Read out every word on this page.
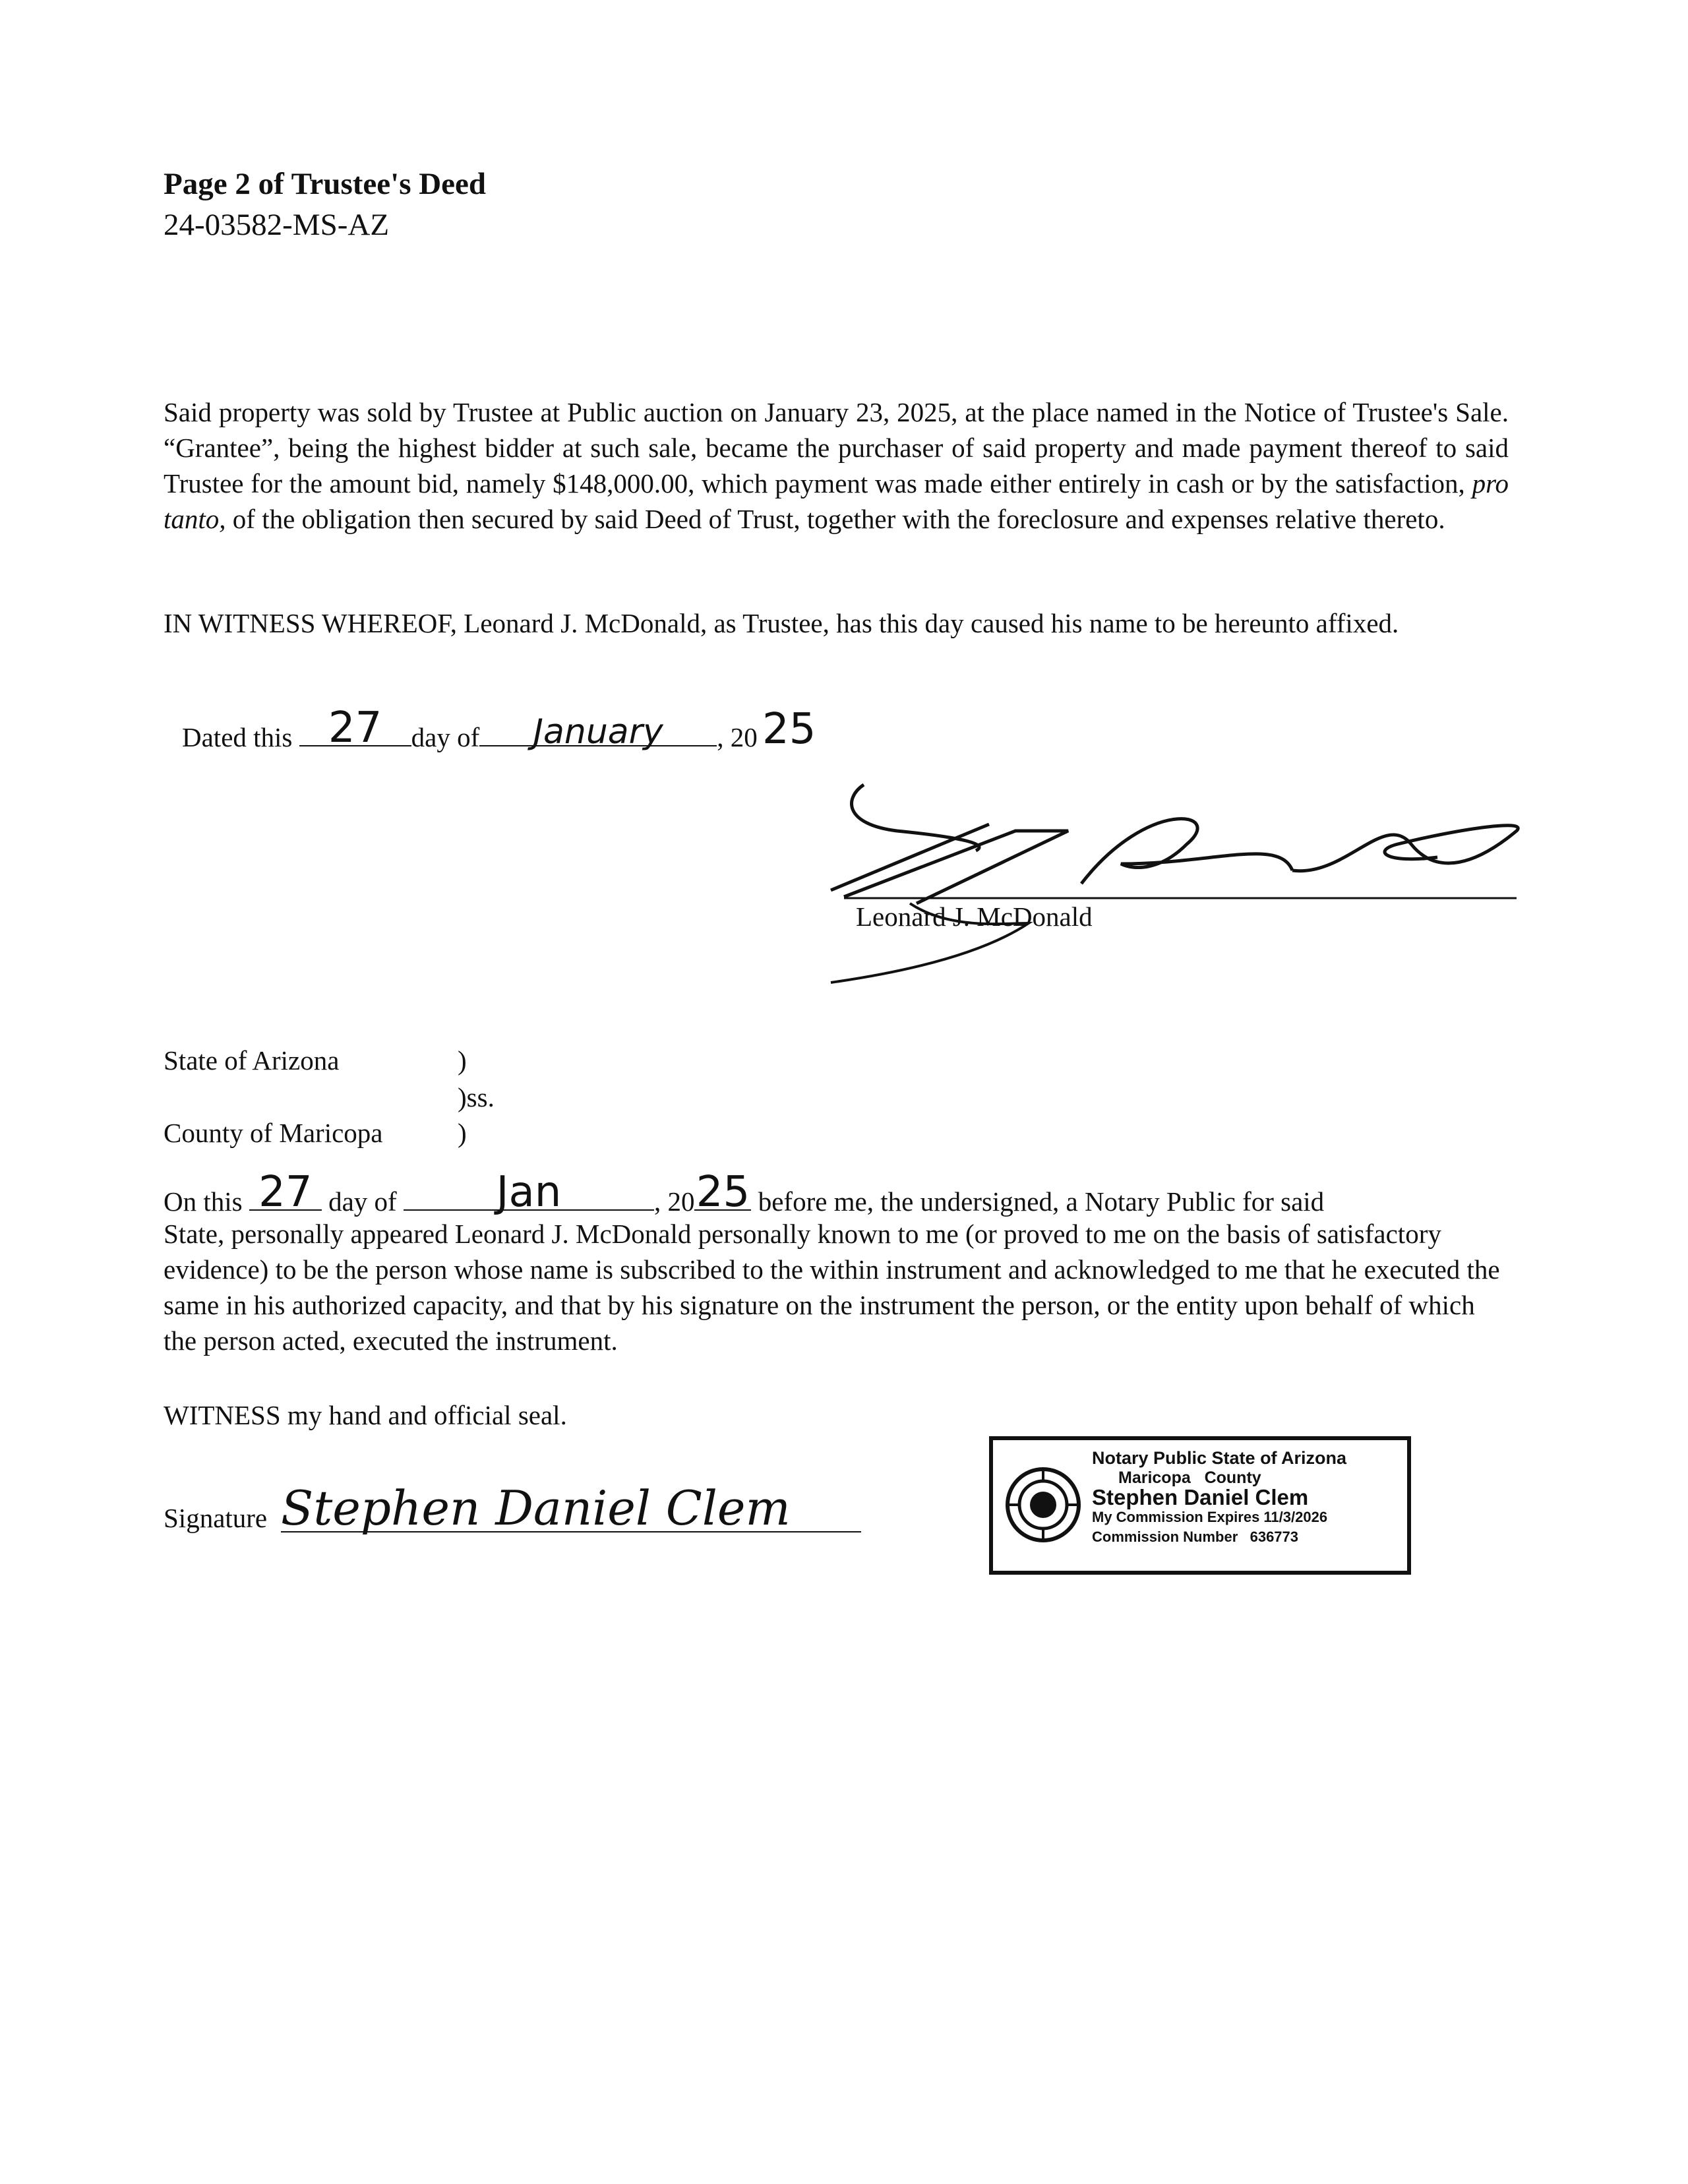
Page 2 of Trustee's Deed
24-03582-MS-AZ

Said property was sold by Trustee at Public auction on January 23, 2025, at the place named in the Notice of Trustee's Sale. “Grantee”, being the highest bidder at such sale, became the purchaser of said property and made payment thereof to said Trustee for the amount bid, namely $148,000.00, which payment was made either entirely in cash or by the satisfaction, pro tanto, of the obligation then secured by said Deed of Trust, together with the foreclosure and expenses relative thereto.

IN WITNESS WHEREOF, Leonard J. McDonald, as Trustee, has this day caused his name to be hereunto affixed.

Dated this 27 day of January , 20 25
Leonard J. McDonald
State of Arizona	)
)ss.
County of Maricopa	)
On this 27 day of Jan	, 20 25 before me, the undersigned, a Notary Public for said

State, personally appeared Leonard J. McDonald personally known to me (or proved to me on the basis of satisfactory evidence) to be the person whose name is subscribed to the within instrument and acknowledged to me that he executed the same in his authorized capacity, and that by his signature on the instrument the person, or the entity upon behalf of which the person acted, executed the instrument.

WITNESS my hand and official seal.
Signature Stephen Daniel Clem
Notary Public State of Arizona
Maricopa   County
Stephen Daniel Clem
My Commission Expires 11/3/2026
Commission Number   636773
